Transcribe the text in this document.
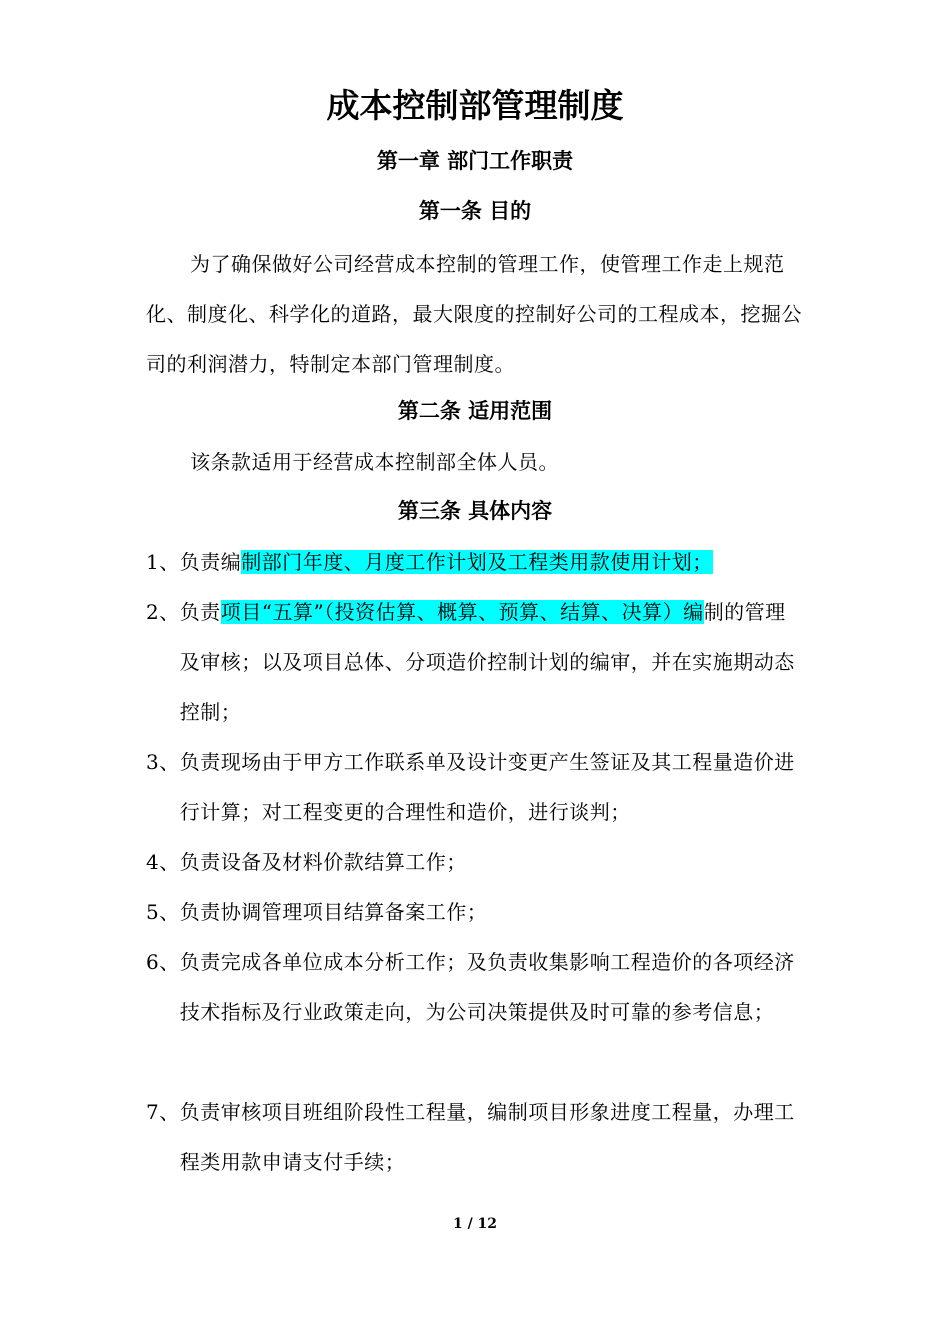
成本控制部管理制度
第一章 部门工作职责
第一条 目的
为了确保做好公司经营成本控制的管理工作，使管理工作走上规范化、制度化、科学化的道路，最大限度的控制好公司的工程成本，挖掘公司的利润潜力，特制定本部门管理制度。
第二条 适用范围
该条款适用于经营成本控制部全体人员。
第三条 具体内容
1、 负责编制部门年度、月度工作计划及工程类用款使用计划；
2、 负责项目“五算”（投资估算、概算、预算、结算、决算）编制的管理及审核；以及项目总体、分项造价控制计划的编审，并在实施期动态控制；
3、 负责现场由于甲方工作联系单及设计变更产生签证及其工程量造价进行计算；对工程变更的合理性和造价，进行谈判；
4、 负责设备及材料价款结算工作；
5、 负责协调管理项目结算备案工作；
6、 负责完成各单位成本分析工作；及负责收集影响工程造价的各项经济技术指标及行业政策走向，为公司决策提供及时可靠的参考信息；
7、 负责审核项目班组阶段性工程量，编制项目形象进度工程量，办理工程类用款申请支付手续；
1 / 12
